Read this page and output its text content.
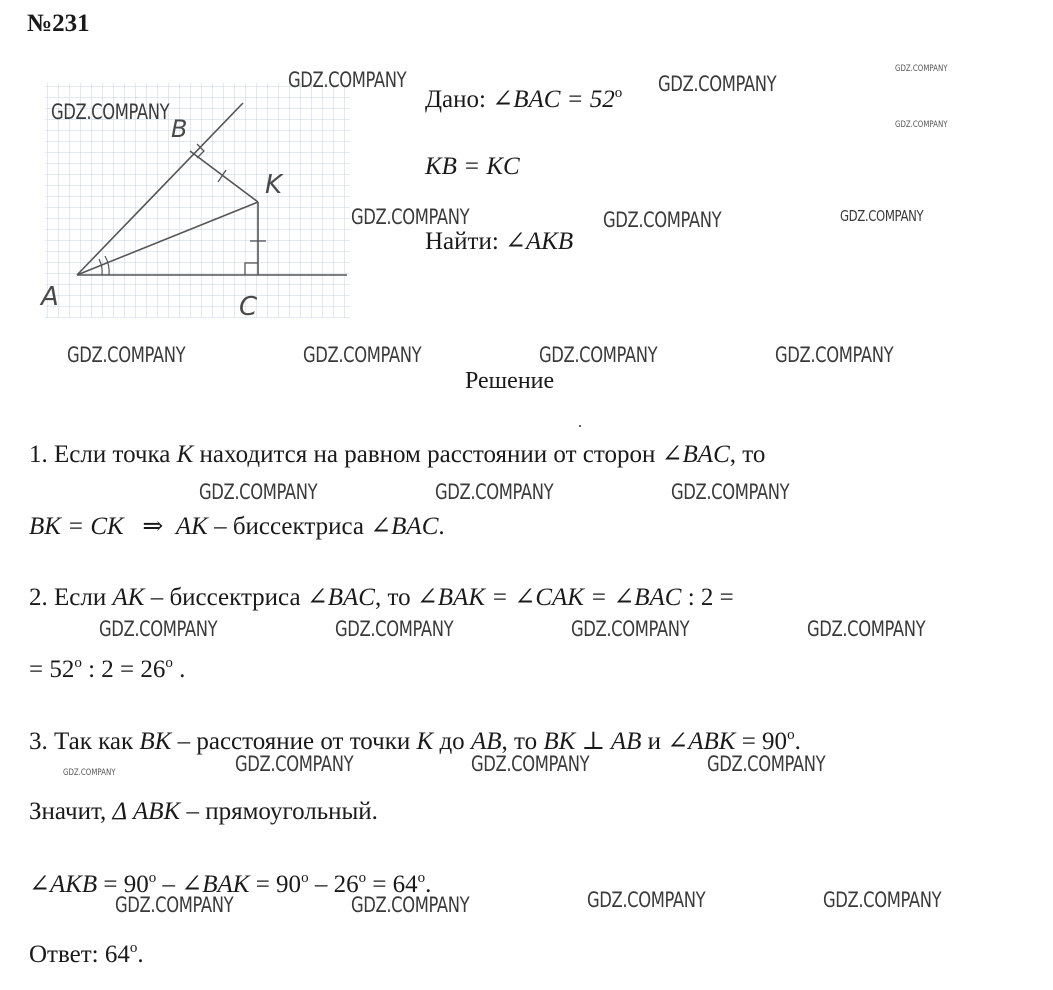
№231
A
B
C
K
Дано: ∠BAC = $52^o$
KB = KC
Найти: ∠AKB
Решение
1. Если точка K находится на равном расстоянии от сторон ∠BAC, то
BK = CK ⇒ AK – биссектриса ∠BAC.
2. Если AK – биссектриса ∠BAC, то ∠BAK = ∠CAK = ∠BAC : 2 =
= $52^o$ : $2 = 26^o$ .
3. Так как BK – расстояние от точки K до AB, то BK ⊥ AB и ∠ABK = $90^o$.
Значит, Δ ABK – прямоугольный.
∠AKB = $90^o$ – ∠BAK = $90^o - 26^o = 64^o$.
Ответ: 64$^o$.
GDZ.COMPANY	GDZ.COMPANY
GDZ.COMPANY
GDZ.COMPANY
GDZ.COMPANY
GDZ.COMPANY	GDZ.COMPANY	GDZ.COMPANY
GDZ.COMPANY	GDZ.COMPANY	GDZ.COMPANY	GDZ.COMPANY
GDZ.COMPANY	GDZ.COMPANY	GDZ.COMPANY
GDZ.COMPANY	GDZ.COMPANY	GDZ.COMPANY	GDZ.COMPANY
GDZ.COMPANY	GDZ.COMPANY	GDZ.COMPANY	GDZ.COMPANY
GDZ.COMPANY	GDZ.COMPANY	GDZ.COMPANY	GDZ.COMPANY
